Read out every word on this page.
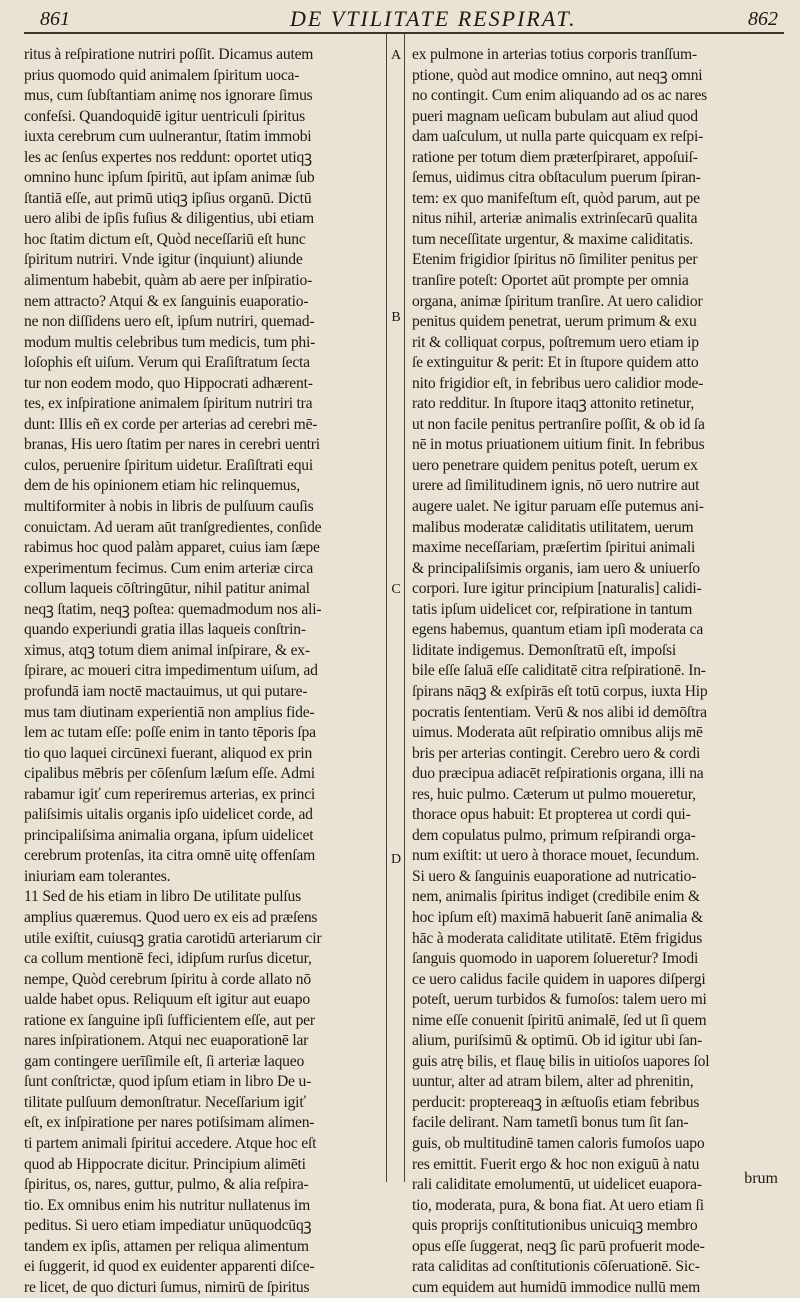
861	DE VTILITATE RESPIRAT.	862
A
B
C
D
ritus à reſpiratione nutriri poſſit. Dicamus autem
prius quomodo quid animalem ſpiritum uoca-
mus, cum ſubſtantiam animę nos ignorare ſimus
confeſsi. Quandoquidē igitur uentriculi ſpiritus
iuxta cerebrum cum uulnerantur, ſtatim immobi
les ac ſenſus expertes nos reddunt: oportet utiqꝫ
omnino hunc ipſum ſpiritū, aut ipſam animæ ſub
ſtantiā eſſe, aut primū utiqꝫ ipſius organū. Dictū
uero alibi de ipſis fuſius & diligentius, ubi etiam
hoc ſtatim dictum eſt, Quòd neceſſariū eſt hunc
ſpiritum nutriri. Vnde igitur (inquiunt) aliunde
alimentum habebit, quàm ab aere per inſpiratio-
nem attracto? Atqui & ex ſanguinis euaporatio-
ne non diſſidens uero eſt, ipſum nutriri, quemad-
modum multis celebribus tum medicis, tum phi-
loſophis eſt uiſum. Verum qui Eraſiſtratum ſecta
tur non eodem modo, quo Hippocrati adhærent-
tes, ex inſpiratione animalem ſpiritum nutriri tra
dunt: Illis eñ ex corde per arterias ad cerebri mē-
branas, His uero ſtatim per nares in cerebri uentri
culos, peruenire ſpiritum uidetur. Eraſiſtrati equi
dem de his opinionem etiam hic relinquemus,
multiformiter à nobis in libris de pulſuum cauſis
conuictam. Ad ueram aūt tranſgredientes, conſide
rabimus hoc quod palàm apparet, cuius iam ſæpe
experimentum fecimus. Cum enim arteriæ circa
collum laqueis cōſtringūtur, nihil patitur animal
neqꝫ ſtatim, neqꝫ poſtea: quemadmodum nos ali-
quando experiundi gratia illas laqueis conſtrin-
ximus, atqꝫ totum diem animal inſpirare, & ex-
ſpirare, ac moueri citra impedimentum uiſum, ad
profundā iam noctē mactauimus, ut qui putare-
mus tam diutinam experientiā non amplius fide-
lem ac tutam eſſe: poſſe enim in tanto tēporis ſpa
tio quo laquei circūnexi fuerant, aliquod ex prin
cipalibus mēbris per cōſenſum læſum eſſe. Admi
rabamur igiť cum reperiremus arterias, ex princi
paliſsimis uitalis organis ipſo uidelicet corde, ad
principaliſsima animalia organa, ipſum uidelicet
cerebrum protenſas, ita citra omnē uitę offenſam
iniuriam eam tolerantes.
11 Sed de his etiam in libro De utilitate pulſus
amplius quæremus. Quod uero ex eis ad præſens
utile exiſtit, cuiusqꝫ gratia carotidū arteriarum cir
ca collum mentionē feci, idipſum rurſus dicetur,
nempe, Quòd cerebrum ſpiritu à corde allato nō
ualde habet opus. Reliquum eſt igitur aut euapo
ratione ex ſanguine ipſi ſufficientem eſſe, aut per
nares inſpirationem. Atqui nec euaporationē lar
gam contingere uerīſimile eſt, ſi arteriæ laqueo
ſunt conſtrictæ, quod ipſum etiam in libro De u-
tilitate pulſuum demonſtratur. Neceſſarium igiť
eſt, ex inſpiratione per nares potiſsimam alimen-
ti partem animali ſpiritui accedere. Atque hoc eſt
quod ab Hippocrate dicitur. Principium alimēti
ſpiritus, os, nares, guttur, pulmo, & alia reſpira-
tio. Ex omnibus enim his nutritur nullatenus im
peditus. Si uero etiam impediatur unūquodcūqꝫ
tandem ex ipſis, attamen per reliqua alimentum
ei ſuggerit, id quod ex euidenter apparenti diſce-
re licet, de quo dicturi ſumus, nimirū de ſpiritus
ex pulmone in arterias totius corporis tranſſum-
ptione, quòd aut modice omnino, aut neqꝫ omni
no contingit. Cum enim aliquando ad os ac nares
pueri magnam ueſicam bubulam aut aliud quod
dam uaſculum, ut nulla parte quicquam ex reſpi-
ratione per totum diem præterſpiraret, appoſuiſ-
ſemus, uidimus citra obſtaculum puerum ſpiran-
tem: ex quo manifeſtum eſt, quòd parum, aut pe
nitus nihil, arteriæ animalis extrinſecarū qualita
tum neceſſitate urgentur, & maxime caliditatis.
Etenim frigidior ſpiritus nō ſimiliter penitus per
tranſire poteſt: Oportet aūt prompte per omnia
organa, animæ ſpiritum tranſire. At uero calidior
penitus quidem penetrat, uerum primum & exu
rit & colliquat corpus, poſtremum uero etiam ip
ſe extinguitur & perit: Et in ſtupore quidem atto
nito frigidior eſt, in febribus uero calidior mode-
rato redditur. In ſtupore itaqꝫ attonito retinetur,
ut non facile penitus pertranſire poſſit, & ob id ſa
nē in motus priuationem uitium finit. In febribus
uero penetrare quidem penitus poteſt, uerum ex
urere ad ſimilitudinem ignis, nō uero nutrire aut
augere ualet. Ne igitur paruam eſſe putemus ani-
malibus moderatæ caliditatis utilitatem, uerum
maxime neceſſariam, præſertim ſpiritui animali
& principaliſsimis organis, iam uero & uniuerſo
corpori. Iure igitur principium [naturalis] calidi-
tatis ipſum uidelicet cor, reſpiratione in tantum
egens habemus, quantum etiam ipſi moderata ca
liditate indigemus. Demonſtratū eſt, impoſsi
bile eſſe ſaluā eſſe caliditatē citra reſpirationē. In-
ſpirans nāqꝫ & exſpirās eſt totū corpus, iuxta Hip
pocratis ſententiam. Verū & nos alibi id demōſtra
uimus. Moderata aūt reſpiratio omnibus alijs mē
bris per arterias contingit. Cerebro uero & cordi
duo præcipua adiacēt reſpirationis organa, illi na
res, huic pulmo. Cæterum ut pulmo moueretur,
thorace opus habuit: Et propterea ut cordi qui-
dem copulatus pulmo, primum reſpirandi orga-
num exiſtit: ut uero à thorace mouet, ſecundum.
Si uero & ſanguinis euaporatione ad nutricatio-
nem, animalis ſpiritus indiget (credibile enim &
hoc ipſum eſt) maximā habuerit ſanē animalia &
hāc à moderata caliditate utilitatē. Etēm frigidus
ſanguis quomodo in uaporem ſolueretur? Imodi
ce uero calidus facile quidem in uapores diſpergi
poteſt, uerum turbidos & fumoſos: talem uero mi
nime eſſe conuenit ſpiritū animalē, ſed ut ſi quem
alium, puriſsimū & optimū. Ob id igitur ubi ſan-
guis atrę bilis, et flauę bilis in uitioſos uapores ſol
uuntur, alter ad atram bilem, alter ad phrenitin,
perducit: proptereaqꝫ in æſtuoſis etiam febribus
facile delirant. Nam tametſi bonus tum ſit ſan-
guis, ob multitudinē tamen caloris fumoſos uapo
res emittit. Fuerit ergo & hoc non exiguū à natu
rali caliditate emolumentū, ut uidelicet euapora-
tio, moderata, pura, & bona fiat. At uero etiam ſi
quis proprijs conſtitutionibus unicuiqꝫ membro
opus eſſe ſuggerat, neqꝫ ſic parū profuerit mode-
rata caliditas ad conſtitutionis cōſeruationē. Sic-
cum equidem aut humidū immodice nullū mem
brum
